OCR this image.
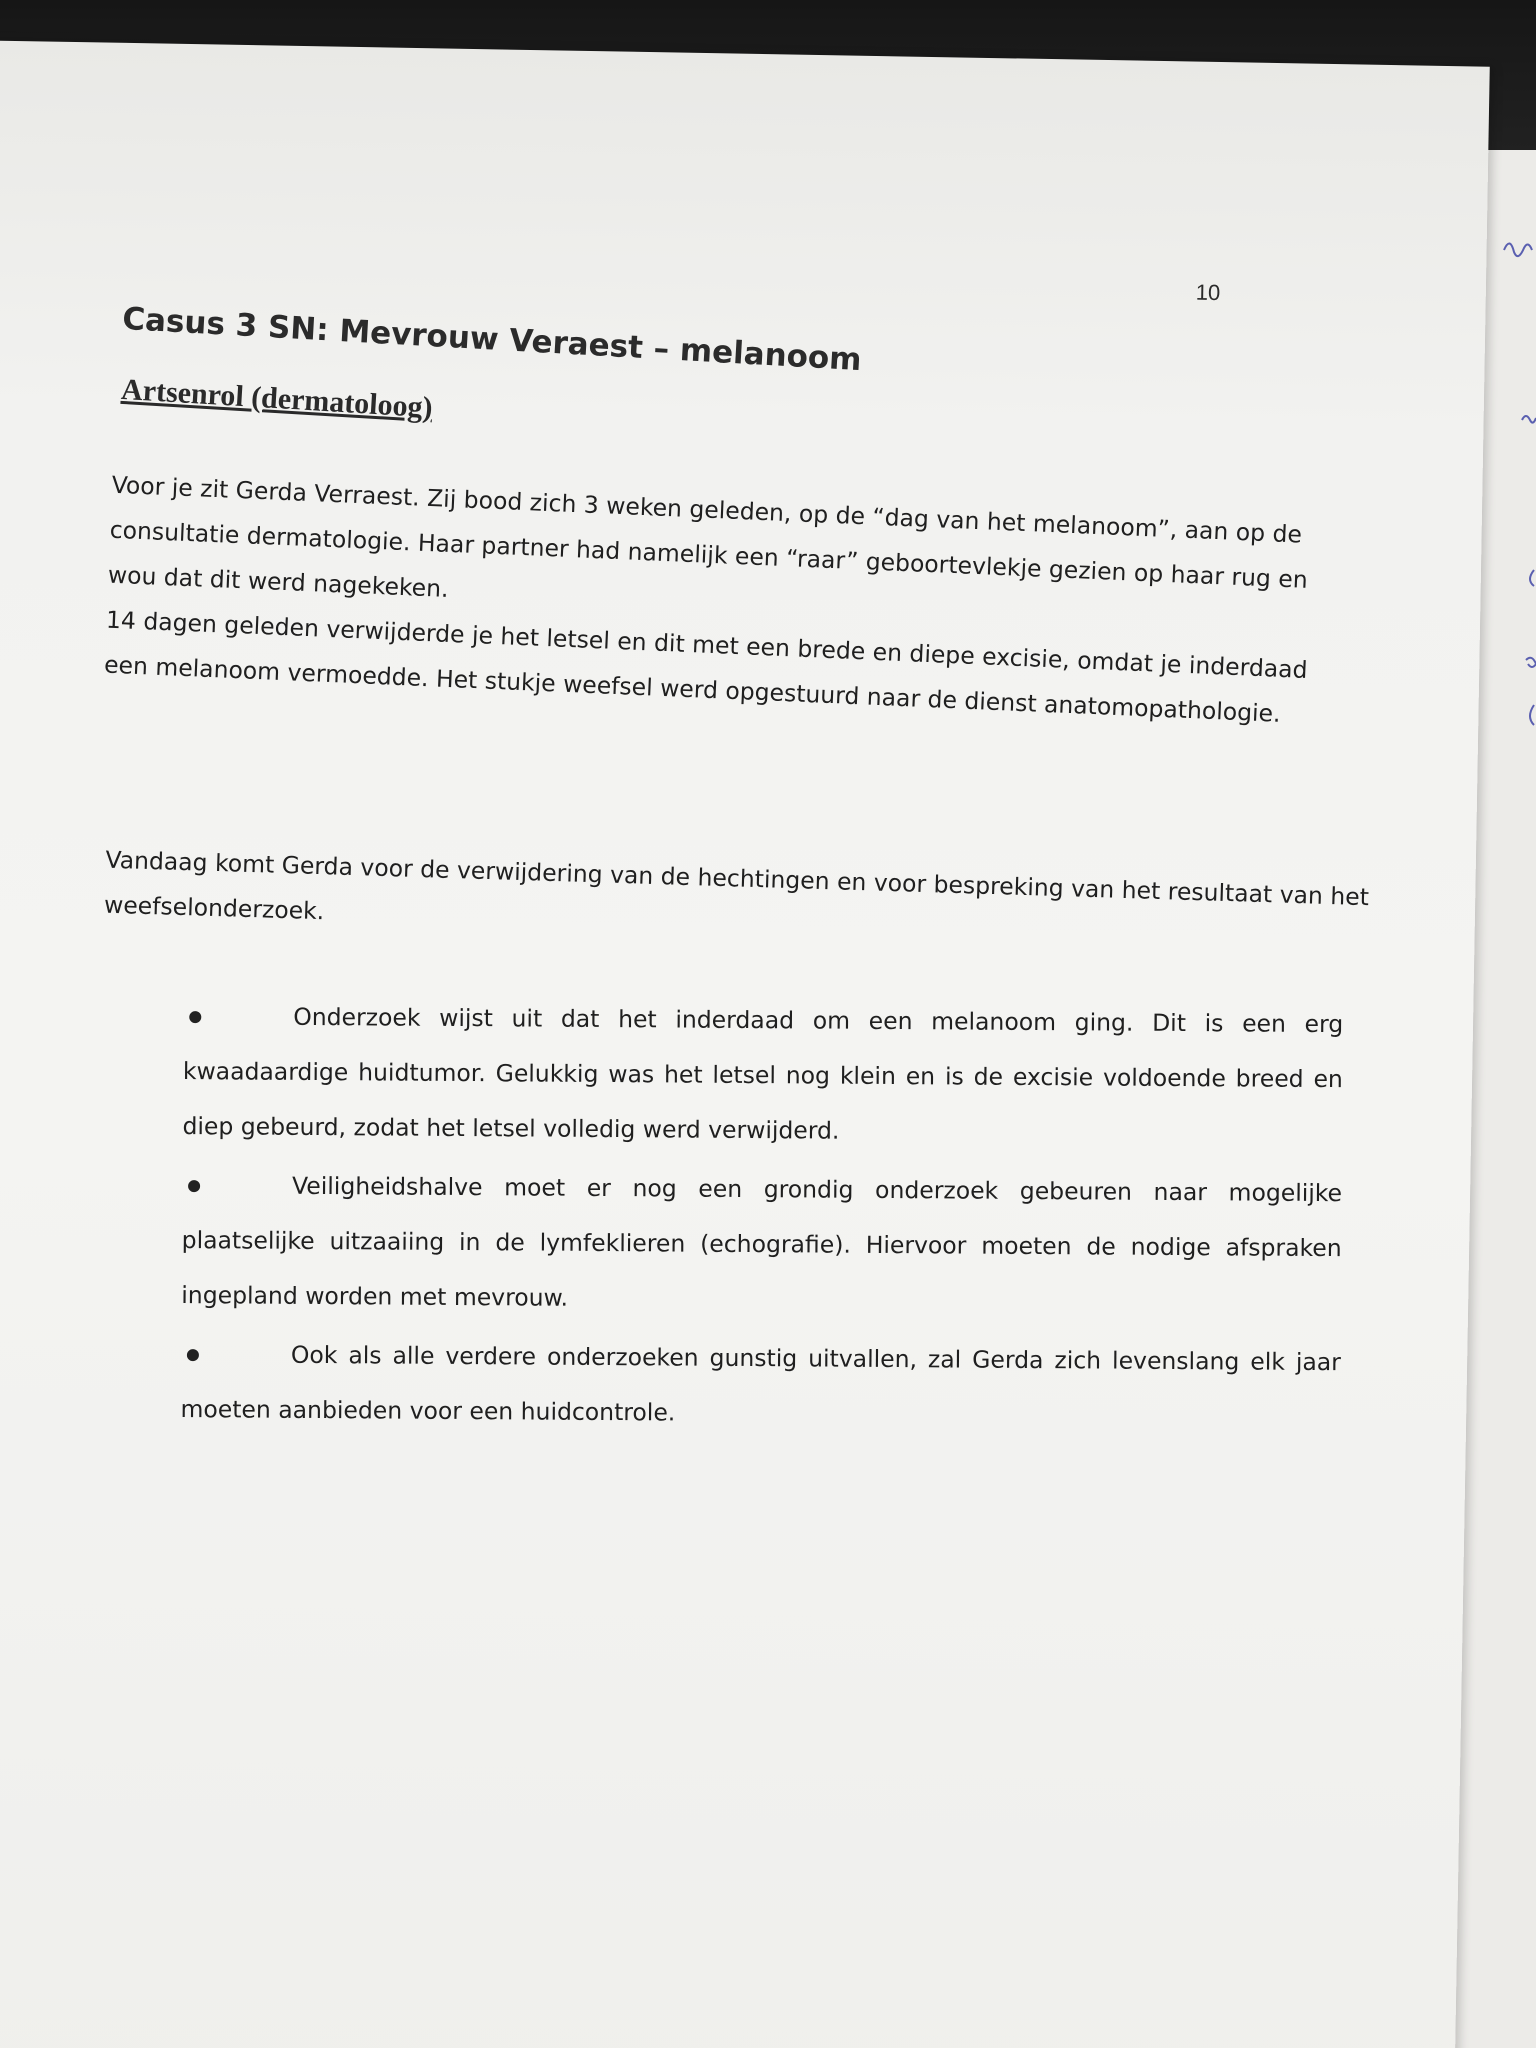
10
Casus 3 SN: Mevrouw Veraest – melanoom
Artsenrol (dermatoloog)
Voor je zit Gerda Verraest. Zij bood zich 3 weken geleden, op de “dag van het melanoom”, aan op de consultatie dermatologie. Haar partner had namelijk een “raar” geboortevlekje gezien op haar rug en wou dat dit werd nagekeken.
14 dagen geleden verwijderde je het letsel en dit met een brede en diepe excisie, omdat je inderdaad een melanoom vermoedde. Het stukje weefsel werd opgestuurd naar de dienst anatomopathologie.
Vandaag komt Gerda voor de verwijdering van de hechtingen en voor bespreking van het resultaat van het weefselonderzoek.
Onderzoek wijst uit dat het inderdaad om een melanoom ging. Dit is een erg kwaadaardige huidtumor. Gelukkig was het letsel nog klein en is de excisie voldoende breed en diep gebeurd, zodat het letsel volledig werd verwijderd.
Veiligheidshalve moet er nog een grondig onderzoek gebeuren naar mogelijke plaatselijke uitzaaiing in de lymfeklieren (echografie). Hiervoor moeten de nodige afspraken ingepland worden met mevrouw.
Ook als alle verdere onderzoeken gunstig uitvallen, zal Gerda zich levenslang elk jaar moeten aanbieden voor een huidcontrole.
